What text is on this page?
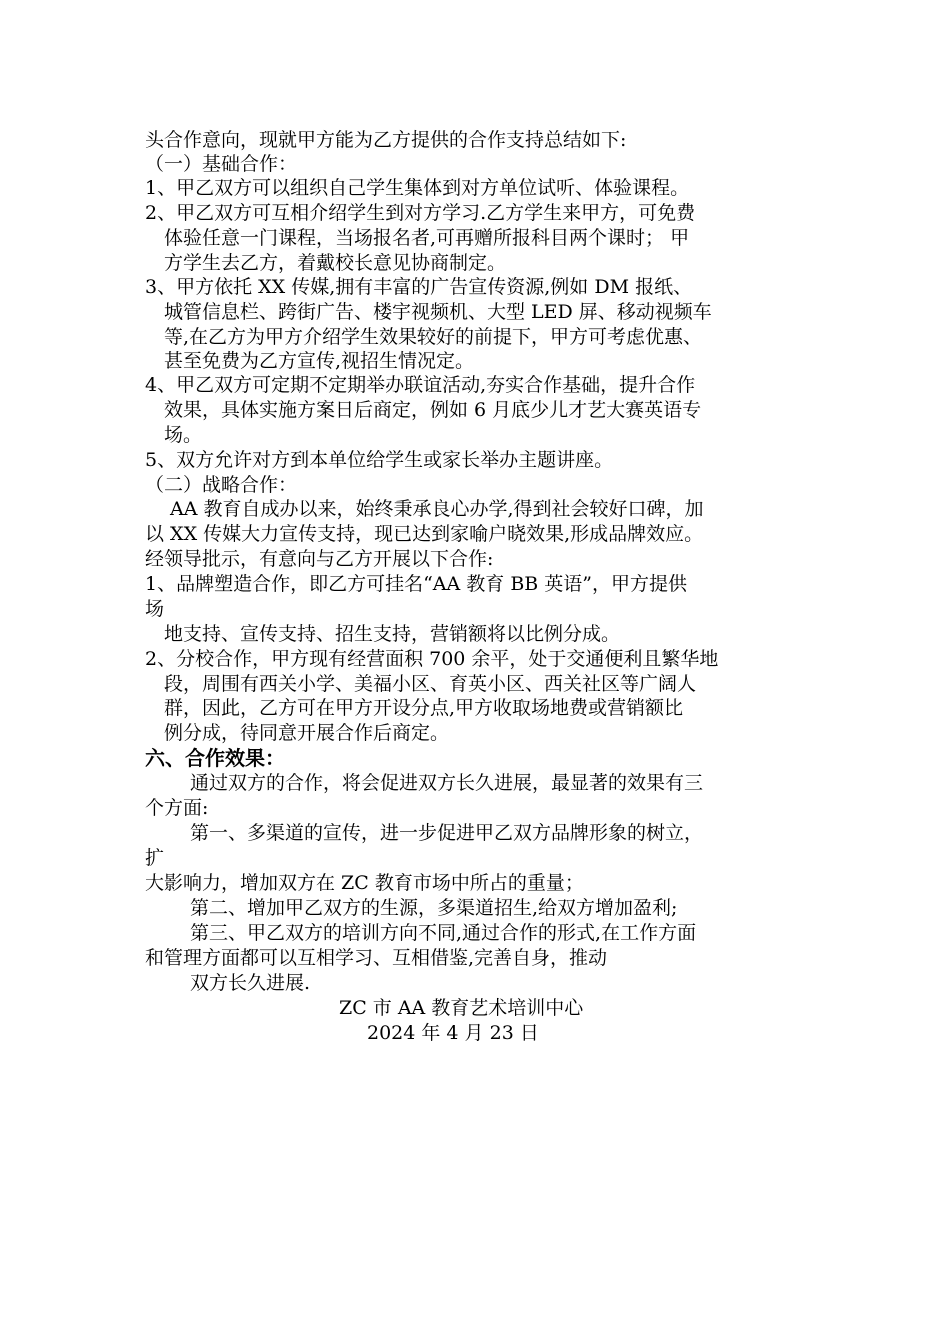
头合作意向，现就甲方能为乙方提供的合作支持总结如下:
（一）基础合作：
1、甲乙双方可以组织自己学生集体到对方单位试听、体验课程。
2、甲乙双方可互相介绍学生到对方学习.乙方学生来甲方，可免费
体验任意一门课程，当场报名者,可再赠所报科目两个课时； 甲
方学生去乙方，着戴校长意见协商制定。
3、甲方依托 XX 传媒,拥有丰富的广告宣传资源,例如 DM 报纸、
城管信息栏、跨街广告、楼宇视频机、大型 LED 屏、移动视频车
等,在乙方为甲方介绍学生效果较好的前提下，甲方可考虑优惠、
甚至免费为乙方宣传,视招生情况定。
4、甲乙双方可定期不定期举办联谊活动,夯实合作基础，提升合作
效果，具体实施方案日后商定，例如 6 月底少儿才艺大赛英语专
场。
5、双方允许对方到本单位给学生或家长举办主题讲座。
（二）战略合作：
AA 教育自成办以来，始终秉承良心办学,得到社会较好口碑，加
以 XX 传媒大力宣传支持，现已达到家喻户晓效果,形成品牌效应。
经领导批示，有意向与乙方开展以下合作:
1、品牌塑造合作，即乙方可挂名“AA 教育 BB 英语”，甲方提供
场
地支持、宣传支持、招生支持，营销额将以比例分成。
2、分校合作，甲方现有经营面积 700 余平，处于交通便利且繁华地
段，周围有西关小学、美福小区、育英小区、西关社区等广阔人
群，因此，乙方可在甲方开设分点,甲方收取场地费或营销额比
例分成，待同意开展合作后商定。
六、合作效果：
通过双方的合作，将会促进双方长久进展，最显著的效果有三
个方面:
第一、多渠道的宣传，进一步促进甲乙双方品牌形象的树立，
扩
大影响力，增加双方在 ZC 教育市场中所占的重量；
第二、增加甲乙双方的生源，多渠道招生,给双方增加盈利;
第三、甲乙双方的培训方向不同,通过合作的形式,在工作方面
和管理方面都可以互相学习、互相借鉴,完善自身，推动
双方长久进展.
ZC 市 AA 教育艺术培训中心
2024 年 4 月 23 日
